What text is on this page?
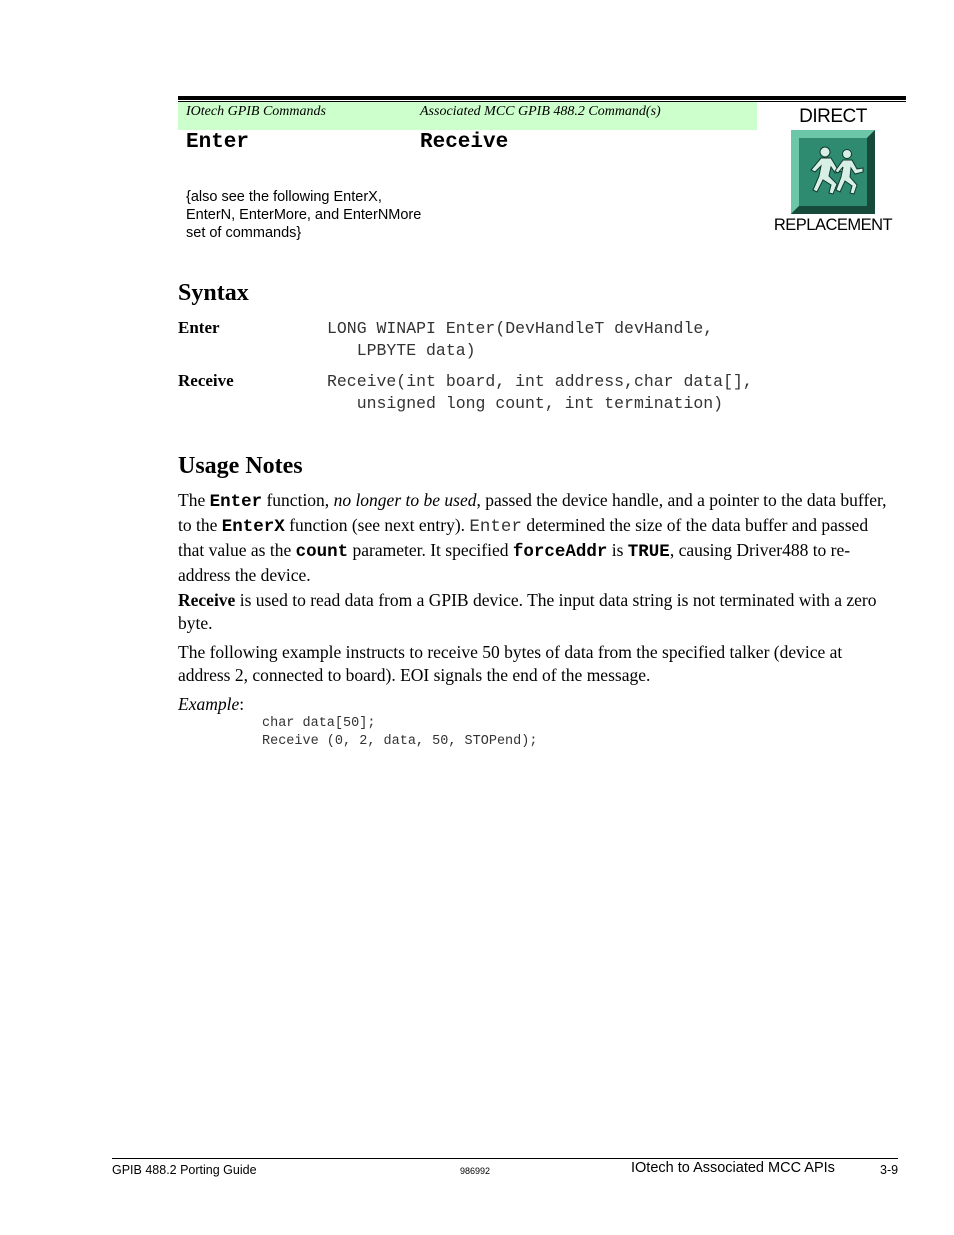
IOtech GPIB Commands	Associated MCC GPIB 488.2 Command(s)
Enter	Receive
{also see the following EnterX, EnterN, EnterMore, and EnterNMore set of commands}
DIRECT
REPLACEMENT
Syntax
Enter	LONG WINAPI Enter(DevHandleT devHandle,
LPBYTE data)
Receive	Receive(int board, int address,char data[],
unsigned long count, int termination)
Usage Notes
The Enter function, no longer to be used, passed the device handle, and a pointer to the data buffer, to the EnterX function (see next entry). Enter determined the size of the data buffer and passed that value as the count parameter. It specified forceAddr is TRUE, causing Driver488 to re-address the device.
Receive is used to read data from a GPIB device. The input data string is not terminated with a zero byte.
The following example instructs to receive 50 bytes of data from the specified talker (device at address 2, connected to board). EOI signals the end of the message.
Example:
char data[50];
Receive (0, 2, data, 50, STOPend);
GPIB 488.2 Porting Guide	986992	IOtech to Associated MCC APIs	3-9
